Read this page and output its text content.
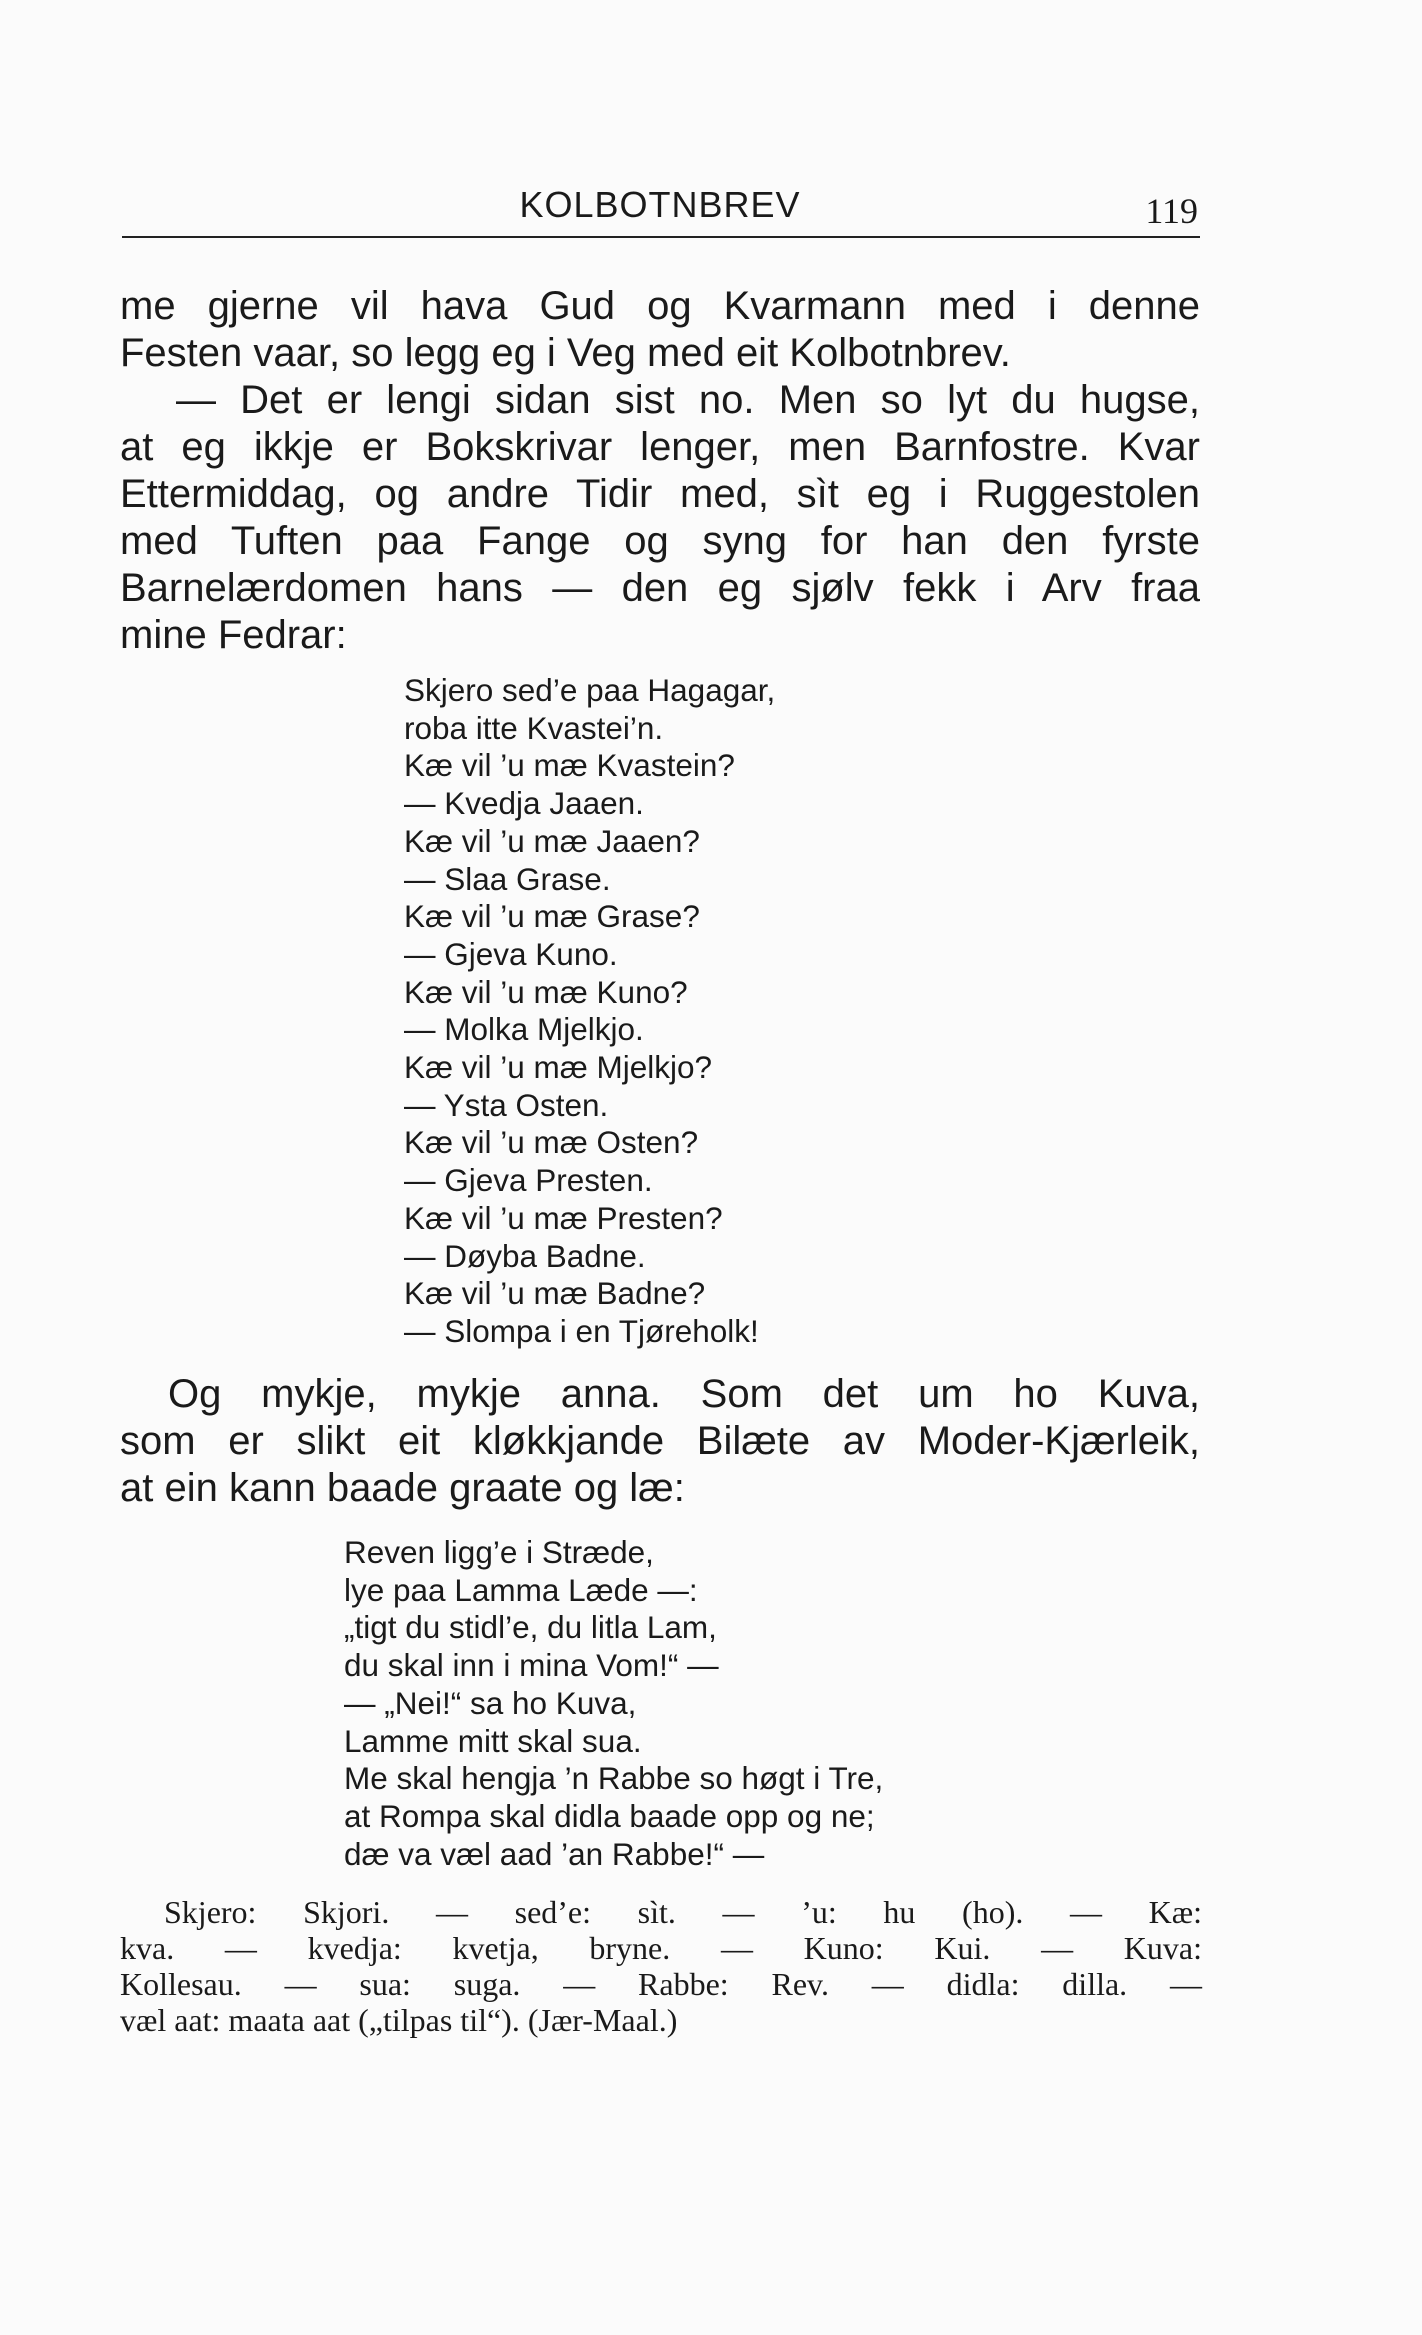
KOLBOTNBREV	119
me gjerne vil hava Gud og Kvarmann med i denne
Festen vaar, so legg eg i Veg med eit Kolbotnbrev.
— Det er lengi sidan sist no. Men so lyt du hugse,
at eg ikkje er Bokskrivar lenger, men Barnfostre. Kvar
Ettermiddag, og andre Tidir med, sìt eg i Ruggestolen
med Tuften paa Fange og syng for han den fyrste
Barnelærdomen hans — den eg sjølv fekk i Arv fraa
mine Fedrar:
Skjero sed’e paa Hagagar,
roba itte Kvastei’n.
Kæ vil ’u mæ Kvastein?
— Kvedja Jaaen.
Kæ vil ’u mæ Jaaen?
— Slaa Grase.
Kæ vil ’u mæ Grase?
— Gjeva Kuno.
Kæ vil ’u mæ Kuno?
— Molka Mjelkjo.
Kæ vil ’u mæ Mjelkjo?
— Ysta Osten.
Kæ vil ’u mæ Osten?
— Gjeva Presten.
Kæ vil ’u mæ Presten?
— Døyba Badne.
Kæ vil ’u mæ Badne?
— Slompa i en Tjøreholk!
Og mykje, mykje anna. Som det um ho Kuva,
som er slikt eit kløkkjande Bilæte av Moder-Kjærleik,
at ein kann baade graate og læ:
Reven ligg’e i Stræde,
lye paa Lamma Læde —:
„tigt du stidl’e, du litla Lam,
du skal inn i mina Vom!“ —
— „Nei!“ sa ho Kuva,
Lamme mitt skal sua.
Me skal hengja ’n Rabbe so høgt i Tre,
at Rompa skal didla baade opp og ne;
dæ va væl aad ’an Rabbe!“ —
Skjero: Skjori. — sed’e: sìt. — ’u: hu (ho). — Kæ:
kva. — kvedja: kvetja, bryne. — Kuno: Kui. — Kuva:
Kollesau. — sua: suga. — Rabbe: Rev. — didla: dilla. —
væl aat: maata aat („tilpas til“). (Jær-Maal.)
